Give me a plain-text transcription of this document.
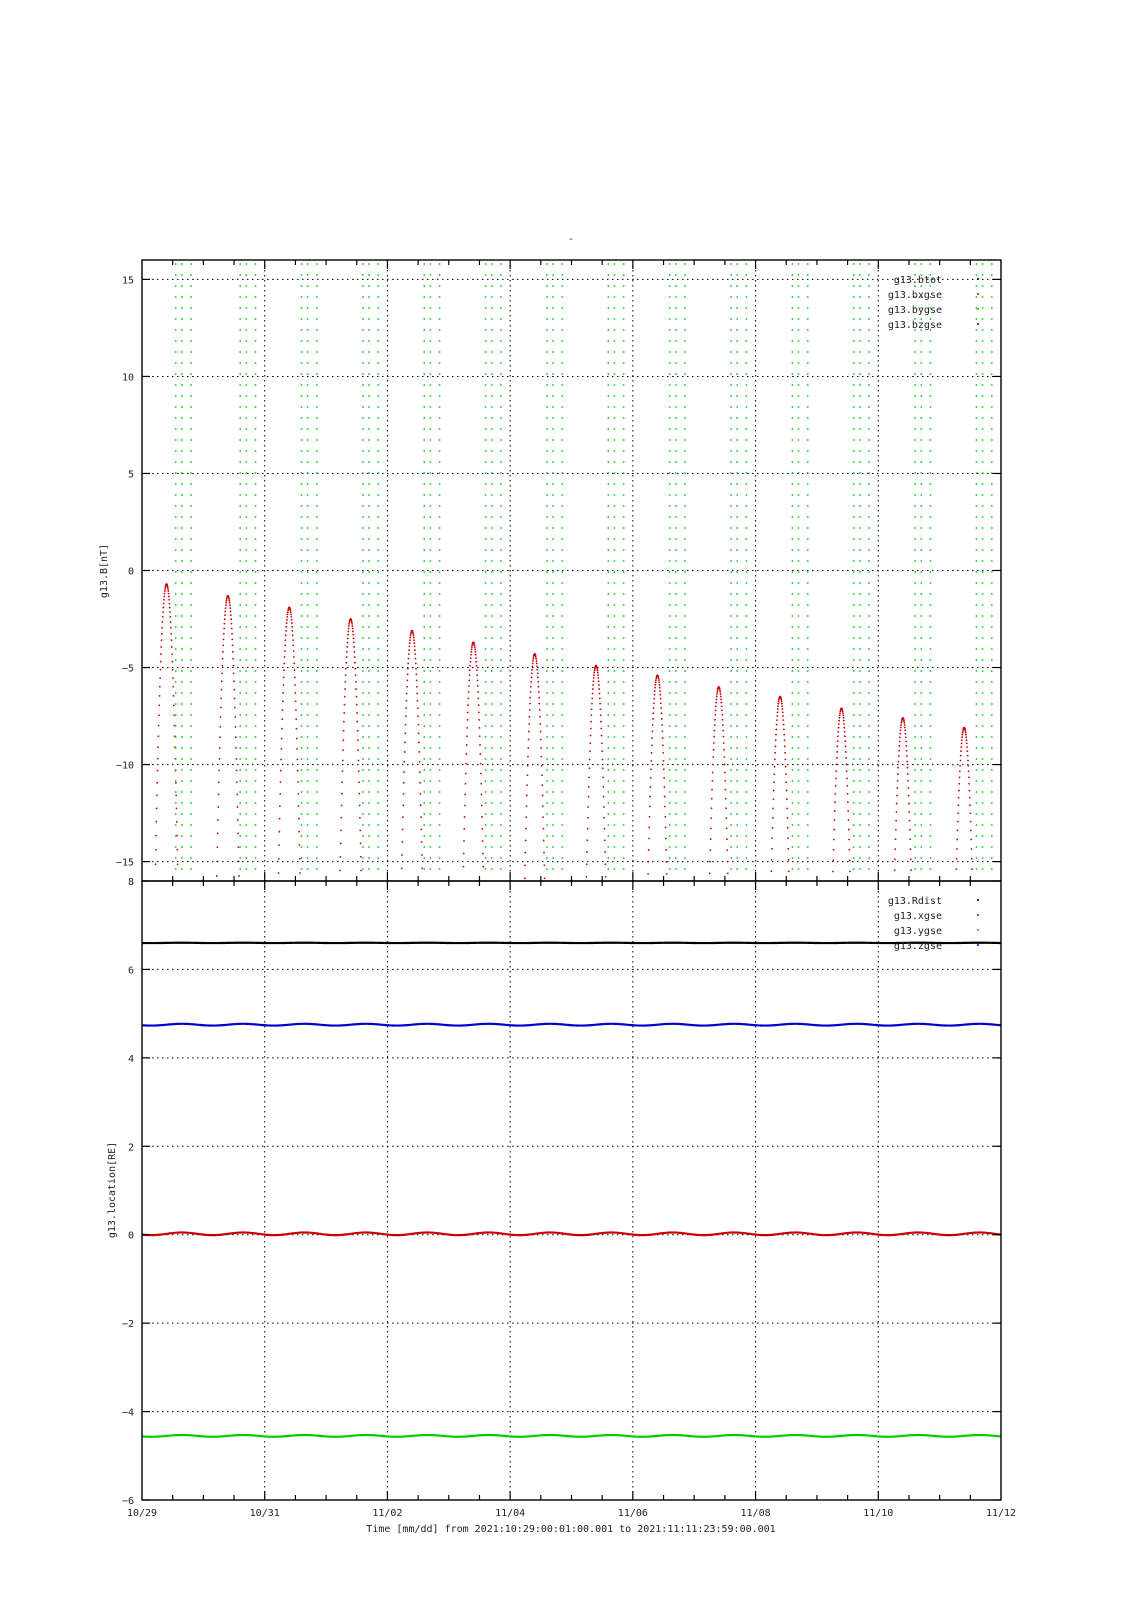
-
−15
−10
−5
0
5
10
15
g13.B[nT]
g13.btot
g13.bxgse
g13.bygse
g13.bzgse
−6
−4
−2
0
2
4
6
8
g13.location[RE]
g13.Rdist
g13.xgse
g13.ygse
g13.zgse
10/29	10/31	11/02	11/04	11/06	11/08	11/10	11/12
Time [mm/dd] from 2021:10:29:00:01:00.001 to 2021:11:11:23:59:00.001
